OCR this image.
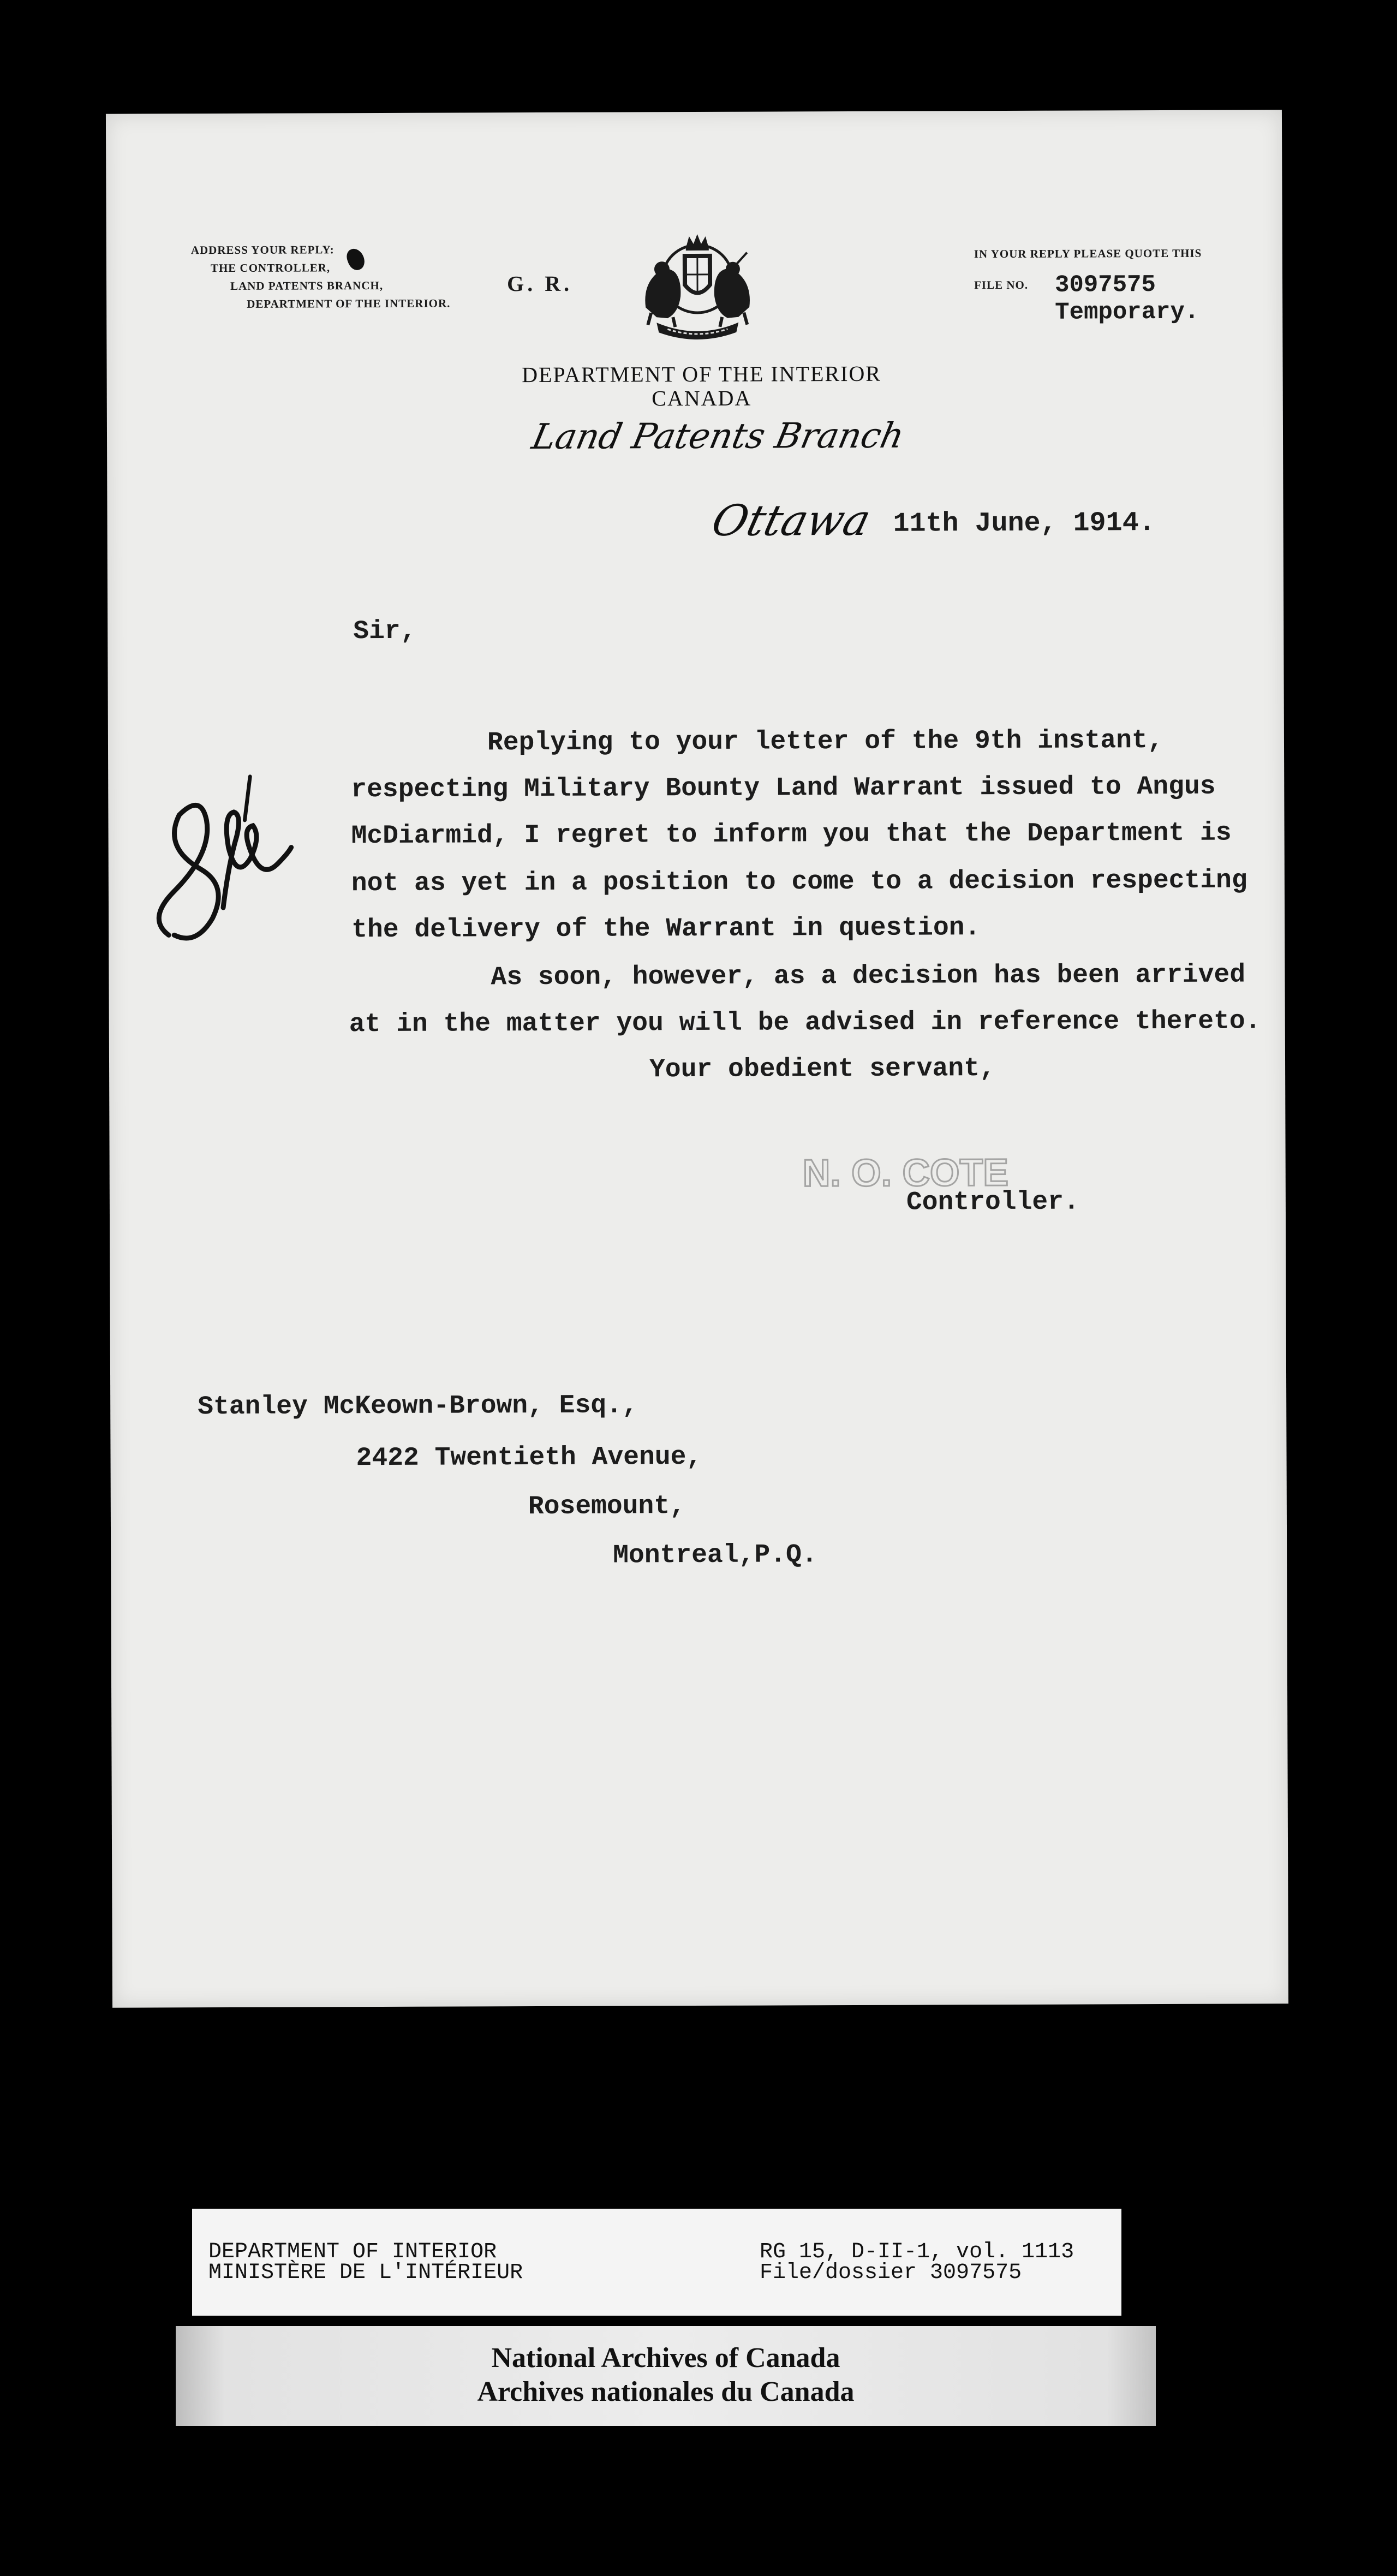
ADDRESS YOUR REPLY:
THE CONTROLLER,
LAND PATENTS BRANCH,
DEPARTMENT OF THE INTERIOR.
G. R.
IN YOUR REPLY PLEASE QUOTE THIS
FILE NO. 3097575
Temporary.
DEPARTMENT OF THE INTERIOR
CANADA
Land Patents Branch
Ottawa 11th June, 1914.
Sir,
Replying to your letter of the 9th instant,
respecting Military Bounty Land Warrant issued to Angus
McDiarmid, I regret to inform you that the Department is
not as yet in a position to come to a decision respecting
the delivery of the Warrant in question.
As soon, however, as a decision has been arrived
at in the matter you will be advised in reference thereto.
Your obedient servant,
N. O. COTE
Controller.
Stanley McKeown-Brown, Esq.,
2422 Twentieth Avenue,
Rosemount,
Montreal,P.Q.
DEPARTMENT OF INTERIOR
MINISTÈRE DE L'INTÉRIEUR
RG 15, D-II-1, vol. 1113
File/dossier 3097575
National Archives of Canada
Archives nationales du Canada
